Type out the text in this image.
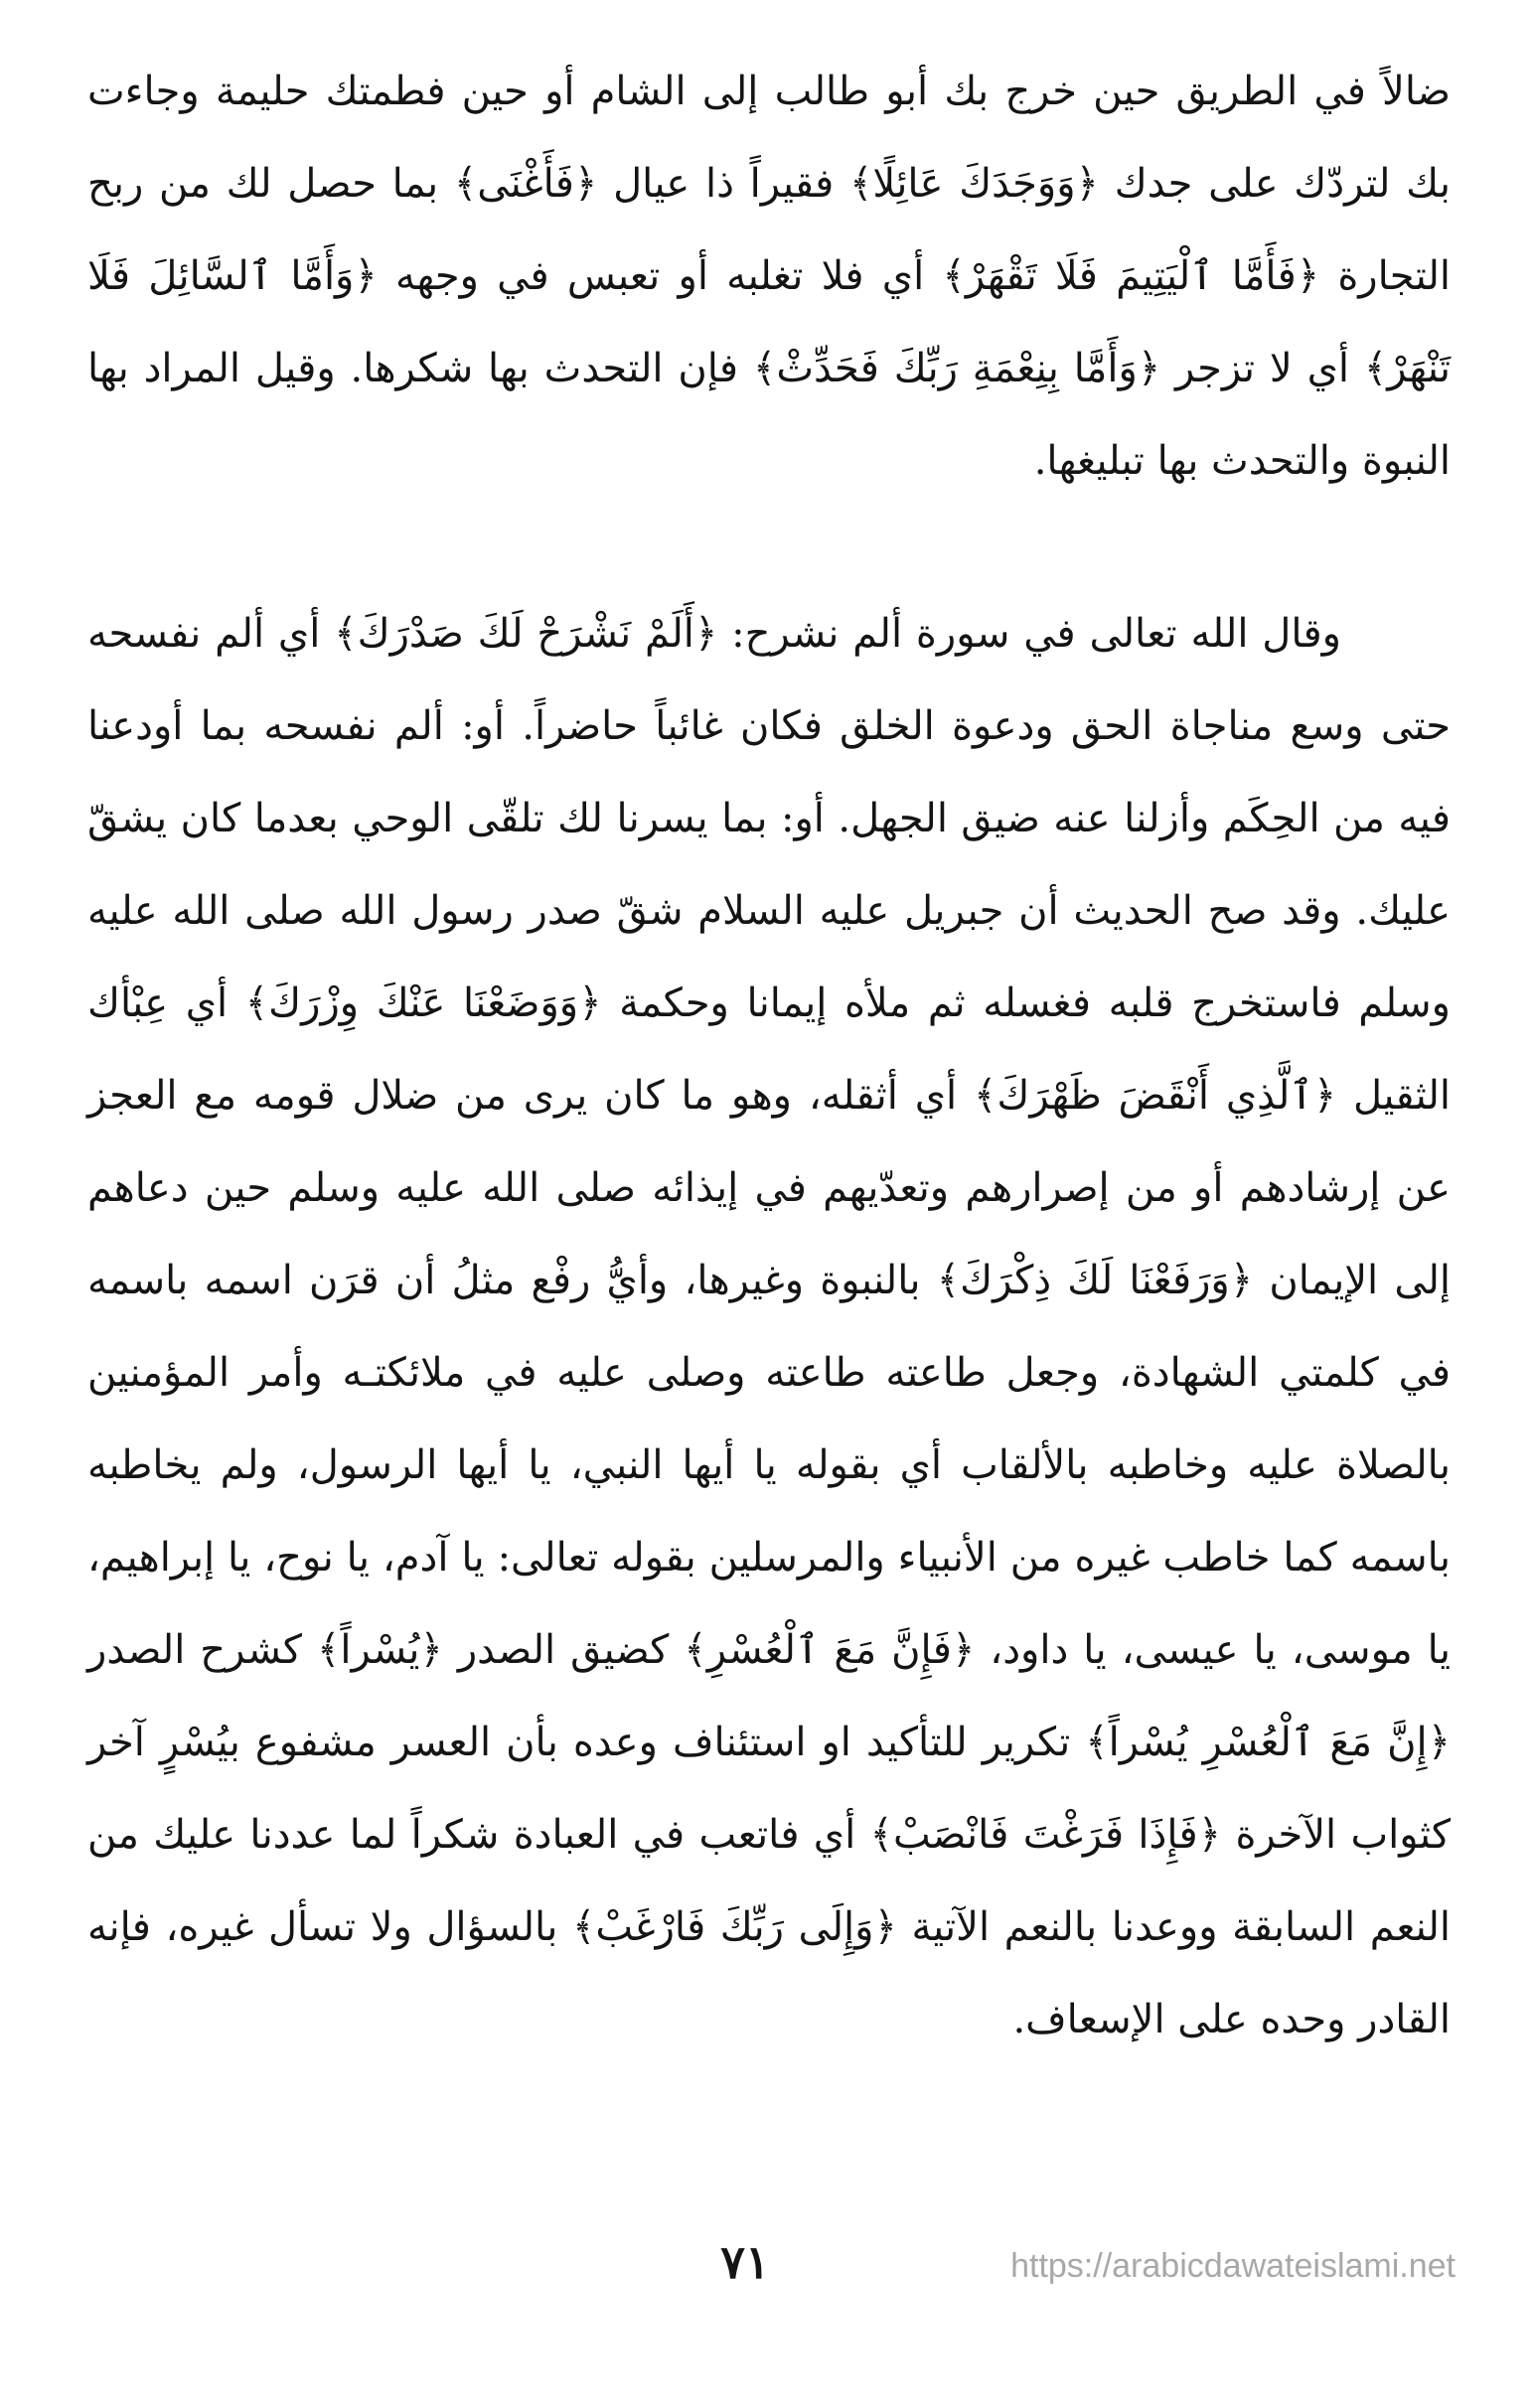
ضالاً في الطريق حين خرج بك أبو طالب إلى الشام أو حين فطمتك حليمة وجاءت بك لتردّك على جدك ﴿وَوَجَدَكَ عَائِلًا﴾ فقيراً ذا عيال ﴿فَأَغْنَى﴾ بما حصل لك من ربح التجارة ﴿فَأَمَّا ٱلْيَتِيمَ فَلَا تَقْهَرْ﴾ أي فلا تغلبه أو تعبس في وجهه ﴿وَأَمَّا ٱلسَّائِلَ فَلَا تَنْهَرْ﴾ أي لا تزجر ﴿وَأَمَّا بِنِعْمَةِ رَبِّكَ فَحَدِّثْ﴾ فإن التحدث بها شكرها. وقيل المراد بها النبوة والتحدث بها تبليغها.
وقال الله تعالى في سورة ألم نشرح: ﴿أَلَمْ نَشْرَحْ لَكَ صَدْرَكَ﴾ أي ألم نفسحه حتى وسع مناجاة الحق ودعوة الخلق فكان غائباً حاضراً. أو: ألم نفسحه بما أودعنا فيه من الحِكَم وأزلنا عنه ضيق الجهل. أو: بما يسرنا لك تلقّى الوحي بعدما كان يشقّ عليك. وقد صح الحديث أن جبريل عليه السلام شقّ صدر رسول الله صلى الله عليه وسلم فاستخرج قلبه فغسله ثم ملأه إيمانا وحكمة ﴿وَوَضَعْنَا عَنْكَ وِزْرَكَ﴾ أي عِبْأك الثقيل ﴿ٱلَّذِي أَنْقَضَ ظَهْرَكَ﴾ أي أثقله، وهو ما كان يرى من ضلال قومه مع العجز عن إرشادهم أو من إصرارهم وتعدّيهم في إيذائه صلى الله عليه وسلم حين دعاهم إلى الإيمان ﴿وَرَفَعْنَا لَكَ ذِكْرَكَ﴾ بالنبوة وغيرها، وأيُّ رفْع مثلُ أن قرَن اسمه باسمه في كلمتي الشهادة، وجعل طاعته طاعته وصلى عليه في ملائكتـه وأمر المؤمنين بالصلاة عليه وخاطبه بالألقاب أي بقوله يا أيها النبي، يا أيها الرسول، ولم يخاطبه باسمه كما خاطب غيره من الأنبياء والمرسلين بقوله تعالى: يا آدم، يا نوح، يا إبراهيم، يا موسى، يا عيسى، يا داود، ﴿فَإِنَّ مَعَ ٱلْعُسْرِ﴾ كضيق الصدر ﴿يُسْراً﴾ كشرح الصدر ﴿إِنَّ مَعَ ٱلْعُسْرِ يُسْراً﴾ تكرير للتأكيد او استئناف وعده بأن العسر مشفوع بيُسْرٍ آخر كثواب الآخرة ﴿فَإِذَا فَرَغْتَ فَانْصَبْ﴾ أي فاتعب في العبادة شكراً لما عددنا عليك من النعم السابقة ووعدنا بالنعم الآتية ﴿وَإِلَى رَبِّكَ فَارْغَبْ﴾ بالسؤال ولا تسأل غيره، فإنه القادر وحده على الإسعاف.
٧١	https://arabicdawateislami.net
